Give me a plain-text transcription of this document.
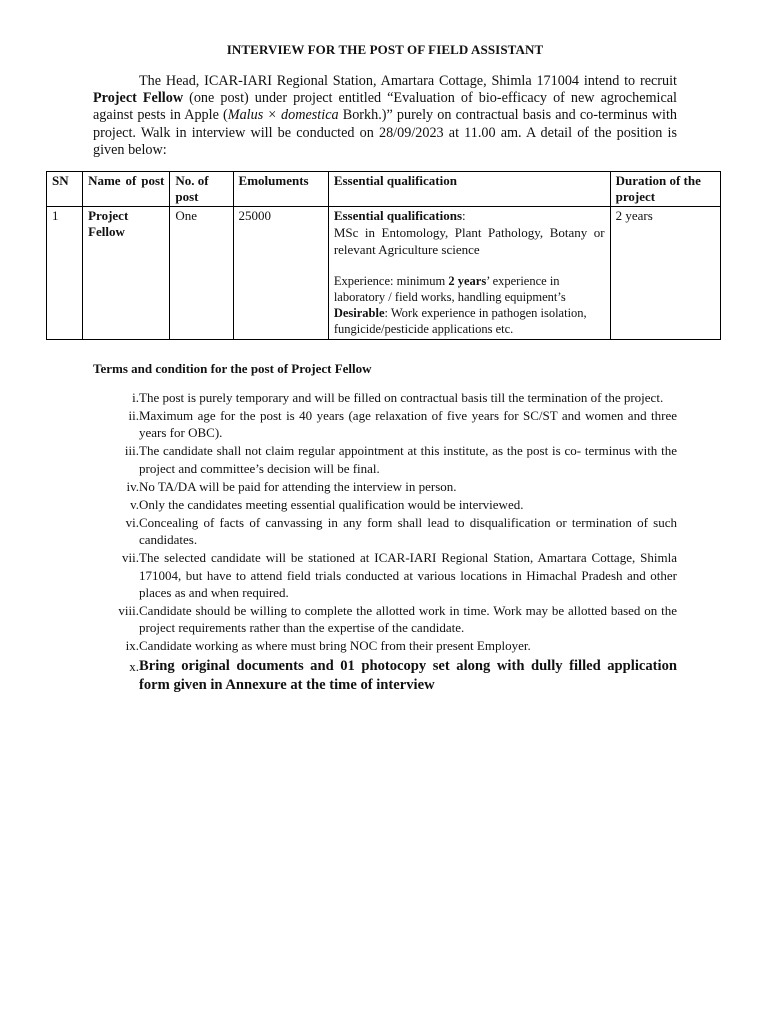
INTERVIEW FOR THE POST OF FIELD ASSISTANT

The Head, ICAR-IARI Regional Station, Amartara Cottage, Shimla 171004 intend to recruit Project Fellow (one post) under project entitled “Evaluation of bio-efficacy of new agrochemical against pests in Apple (Malus × domestica Borkh.)” purely on contractual basis and co-terminus with project. Walk in interview will be conducted on 28/09/2023 at 11.00 am. A detail of the position is given below:

SN	Name of post	No. of post	Emoluments	Essential qualification	Duration of the project
1	Project Fellow	One	25000	Essential qualifications:
MSc in Entomology, Plant Pathology, Botany or relevant Agriculture science
Experience: minimum 2 years’ experience in laboratory / field works, handling equipment’s
Desirable: Work experience in pathogen isolation, fungicide/pesticide applications etc.	2 years
Terms and condition for the post of Project Fellow
i. The post is purely temporary and will be filled on contractual basis till the termination of the project.
ii. Maximum age for the post is 40 years (age relaxation of five years for SC/ST and women and three years for OBC).
iii. The candidate shall not claim regular appointment at this institute, as the post is co- terminus with the project and committee’s decision will be final.
iv. No TA/DA will be paid for attending the interview in person.
v. Only the candidates meeting essential qualification would be interviewed.
vi. Concealing of facts of canvassing in any form shall lead to disqualification or termination of such candidates.
vii. The selected candidate will be stationed at ICAR-IARI Regional Station, Amartara Cottage, Shimla 171004, but have to attend field trials conducted at various locations in Himachal Pradesh and other places as and when required.
viii. Candidate should be willing to complete the allotted work in time. Work may be allotted based on the project requirements rather than the expertise of the candidate.
ix. Candidate working as where must bring NOC from their present Employer.
x. Bring original documents and 01 photocopy set along with dully filled application form given in Annexure at the time of interview
